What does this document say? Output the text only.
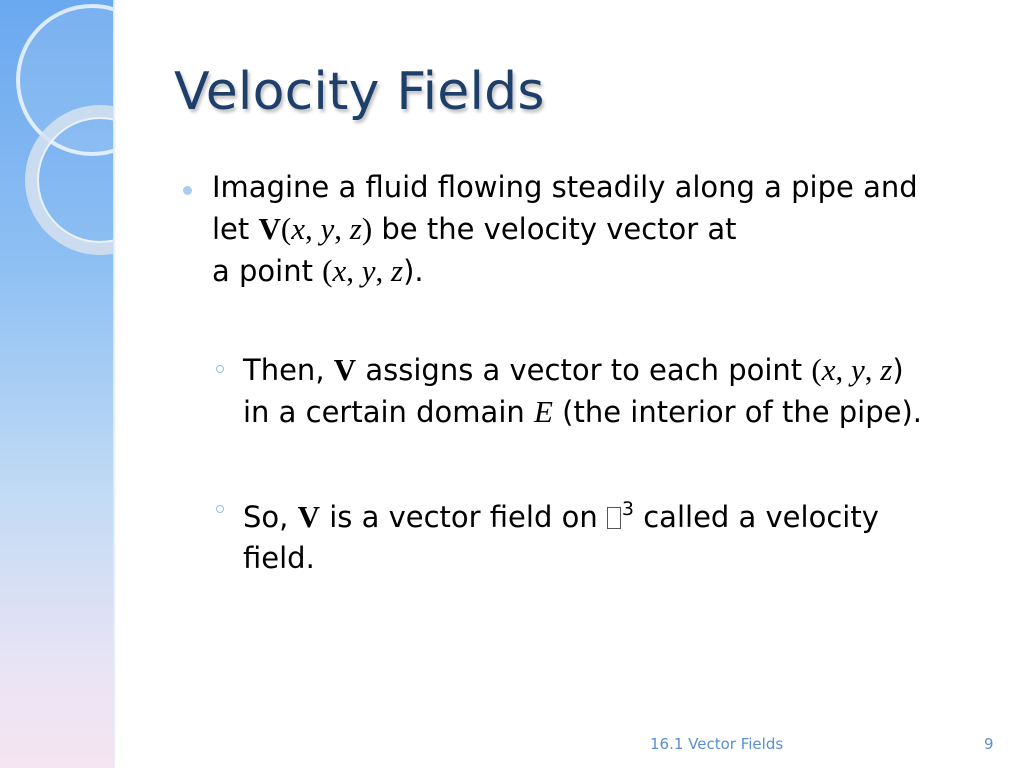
Velocity Fields
Imagine a fluid flowing steadily along a pipe and
let V(x, y, z) be the velocity vector at
a point (x, y, z).
Then, V assigns a vector to each point (x, y, z)
in a certain domain E (the interior of the pipe).
So, V is a vector field on $^3$ called a velocity
field.
16.1 Vector Fields	9
